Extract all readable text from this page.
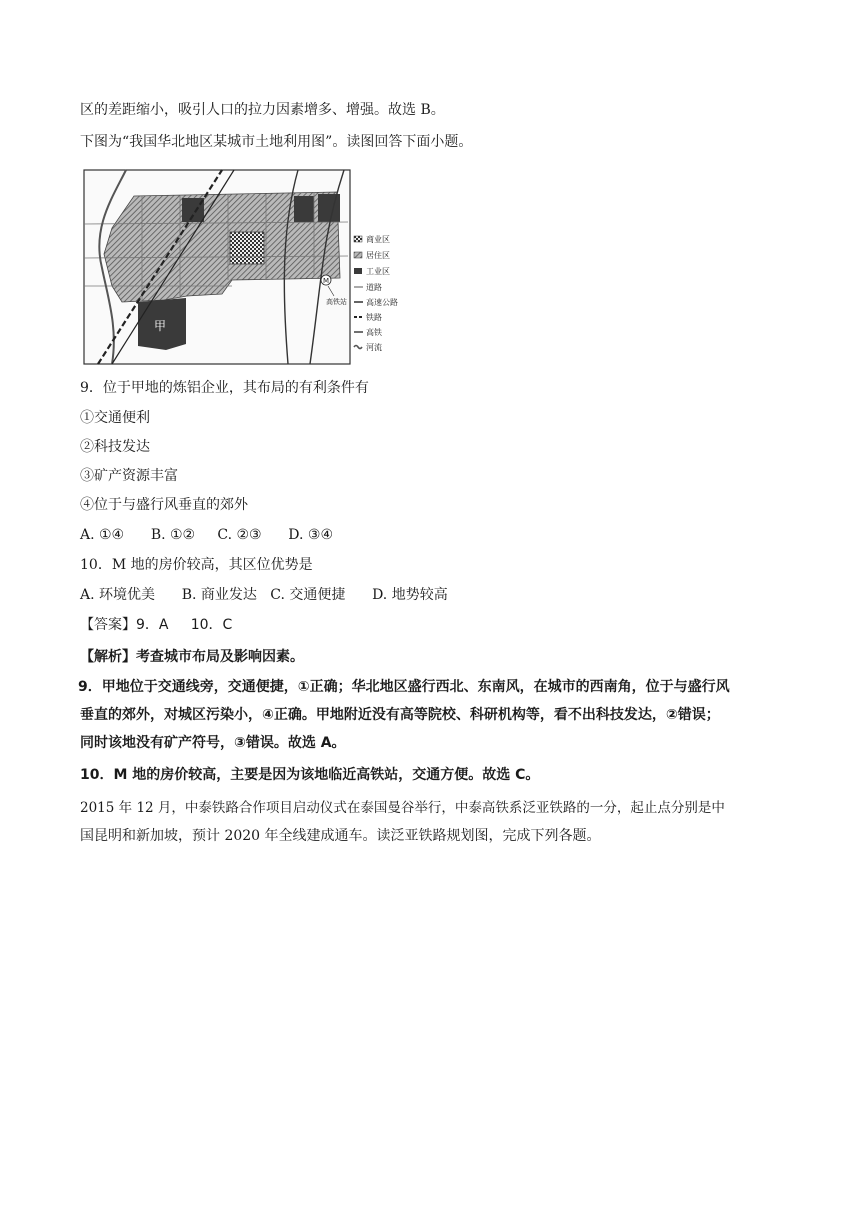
区的差距缩小，吸引人口的拉力因素增多、增强。故选 B。
下图为“我国华北地区某城市土地利用图”。读图回答下面小题。
甲
M
高铁站
商业区
居住区
工业区
道路
高速公路
铁路
高铁
河流
9．位于甲地的炼铝企业，其布局的有利条件有
①交通便利
②科技发达
③矿产资源丰富
④位于与盛行风垂直的郊外
A. ①④      B. ①②     C. ②③      D. ③④
10．M 地的房价较高，其区位优势是
A. 环境优美      B. 商业发达   C. 交通便捷      D. 地势较高
【答案】9．A     10．C
【解析】考查城市布局及影响因素。
9．甲地位于交通线旁，交通便捷，①正确；华北地区盛行西北、东南风，在城市的西南角，位于与盛行风
垂直的郊外，对城区污染小，④正确。甲地附近没有高等院校、科研机构等，看不出科技发达，②错误；
同时该地没有矿产符号，③错误。故选 A。
10．M 地的房价较高，主要是因为该地临近高铁站，交通方便。故选 C。
2015 年 12 月，中泰铁路合作项目启动仪式在泰国曼谷举行，中泰高铁系泛亚铁路的一分，起止点分别是中
国昆明和新加坡，预计 2020 年全线建成通车。读泛亚铁路规划图，完成下列各题。
